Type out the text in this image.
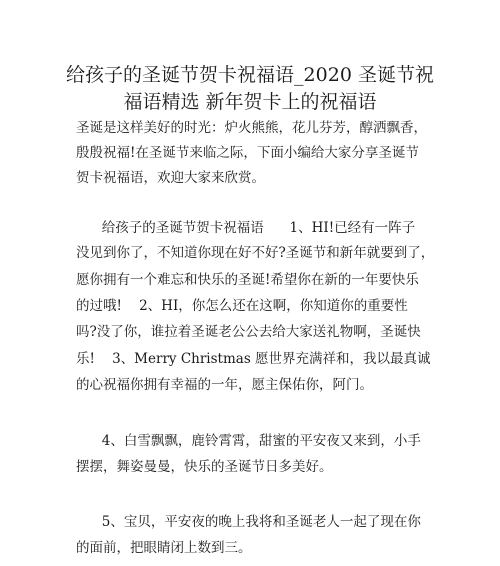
给孩子的圣诞节贺卡祝福语_2020 圣诞节祝
福语精选 新年贺卡上的祝福语
圣诞是这样美好的时光：炉火熊熊，花儿芬芳，醇洒飘香，
殷殷祝福!在圣诞节来临之际，下面小编给大家分享圣诞节
贺卡祝福语，欢迎大家来欣赏。
给孩子的圣诞节贺卡祝福语      1、HI!已经有一阵子
没见到你了，不知道你现在好不好?圣诞节和新年就要到了，
愿你拥有一个难忘和快乐的圣诞!希望你在新的一年要快乐
的过哦!    2、HI，你怎么还在这啊，你知道你的重要性
吗?没了你，谁拉着圣诞老公公去给大家送礼物啊，圣诞快
乐!    3、Merry Christmas 愿世界充满祥和，我以最真诚
的心祝福你拥有幸福的一年，愿主保佑你，阿门。
4、白雪飘飘，鹿铃霄霄，甜蜜的平安夜又来到，小手
摆摆，舞姿曼曼，快乐的圣诞节日多美好。
5、宝贝，平安夜的晚上我将和圣诞老人一起了现在你
的面前，把眼睛闭上数到三。
